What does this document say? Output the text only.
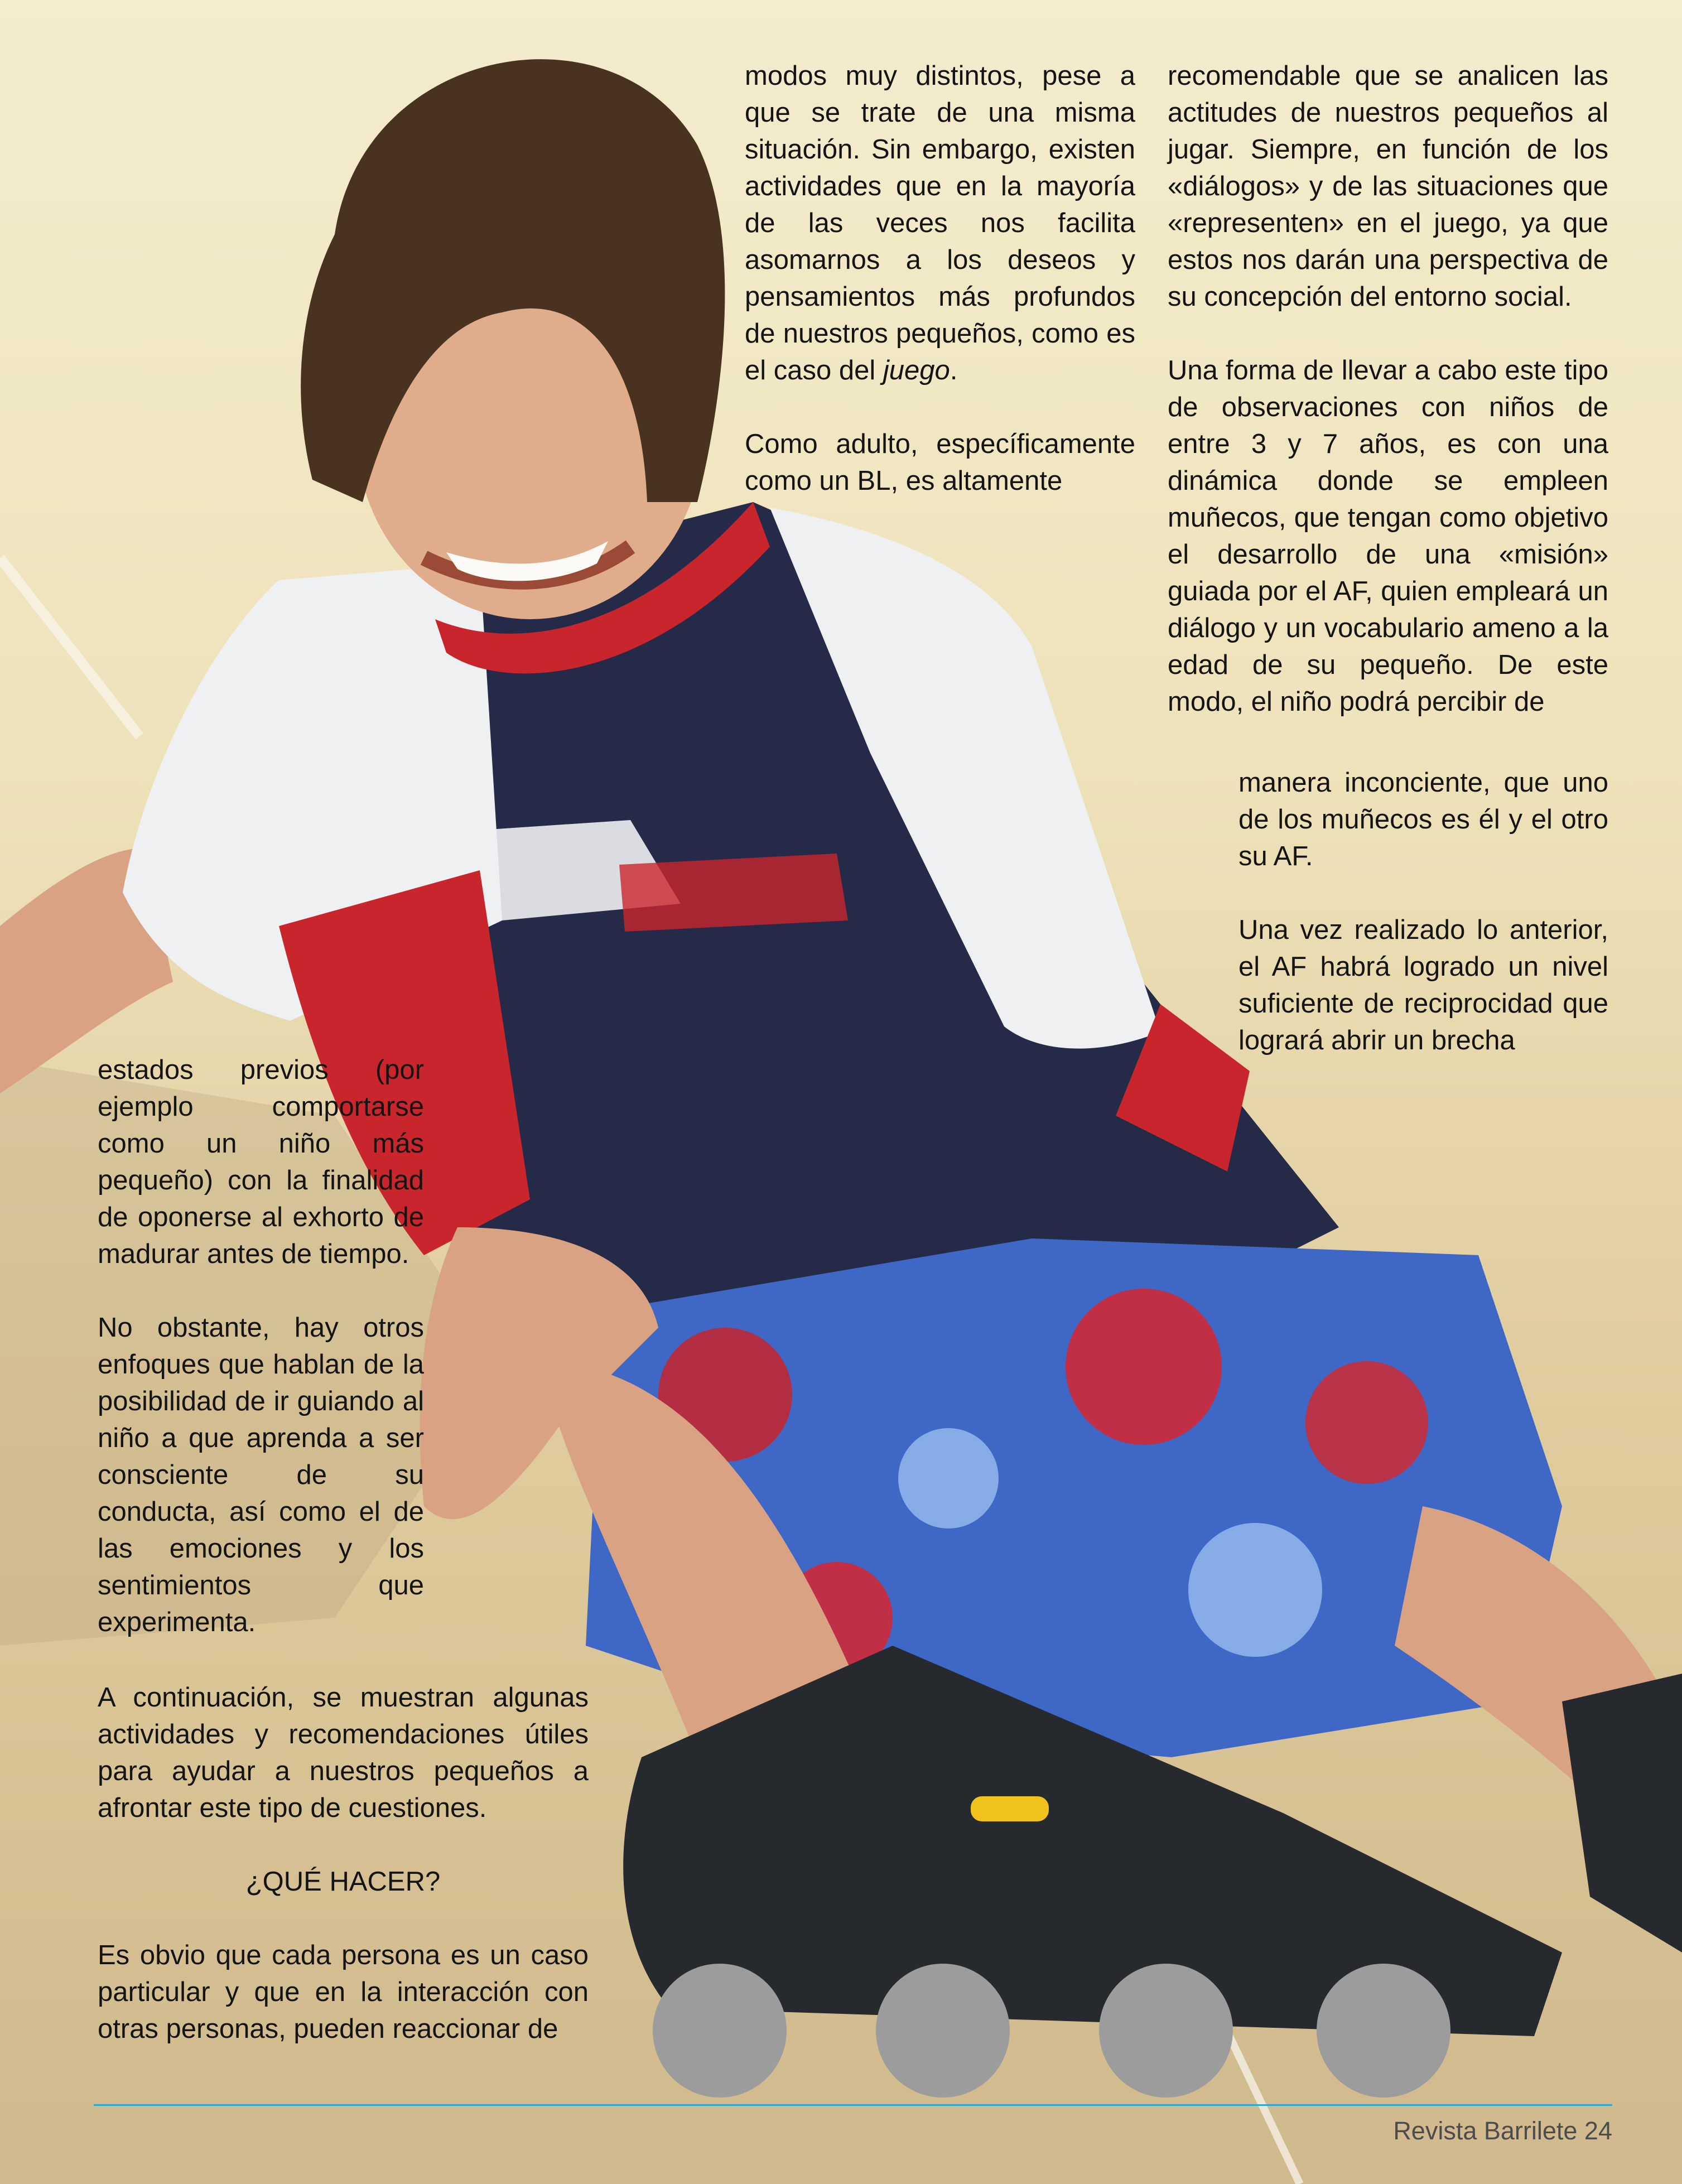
modos muy distintos, pese a que se trate de una misma situación. Sin embargo, existen actividades que en la mayoría de las veces nos facilita asomarnos a los deseos y pensamientos más profundos de nuestros pequeños, como es el caso del juego.

Como adulto, específicamente como un BL, es altamente

recomendable que se analicen las actitudes de nuestros pequeños al jugar. Siempre, en función de los «diálogos» y de las situaciones que «representen» en el juego, ya que estos nos darán una perspectiva de su concepción del entorno social.

Una forma de llevar a cabo este tipo de observaciones con niños de entre 3 y 7 años, es con una dinámica donde se empleen muñecos, que tengan como objetivo el desarrollo de una «misión» guiada por el AF, quien empleará un diálogo y un vocabulario ameno a la edad de su pequeño. De este modo, el niño podrá percibir de

manera inconciente, que uno de los muñecos es él y el otro su AF.

Una vez realizado lo anterior, el AF habrá logrado un nivel suficiente de reciprocidad que logrará abrir un brecha

estados previos (por ejemplo comportarse como un niño más pequeño) con la finalidad de oponerse al exhorto de madurar antes de tiempo.

No obstante, hay otros enfoques que hablan de la posibilidad de ir guiando al niño a que aprenda a ser consciente de su conducta, así como el de las emociones y los sentimientos que experimenta.

A continuación, se muestran algunas actividades y recomendaciones útiles para ayudar a nuestros pequeños a afrontar este tipo de cuestiones.

¿QUÉ HACER?

Es obvio que cada persona es un caso particular y que en la interacción con otras personas, pueden reaccionar de

Revista Barrilete 24
